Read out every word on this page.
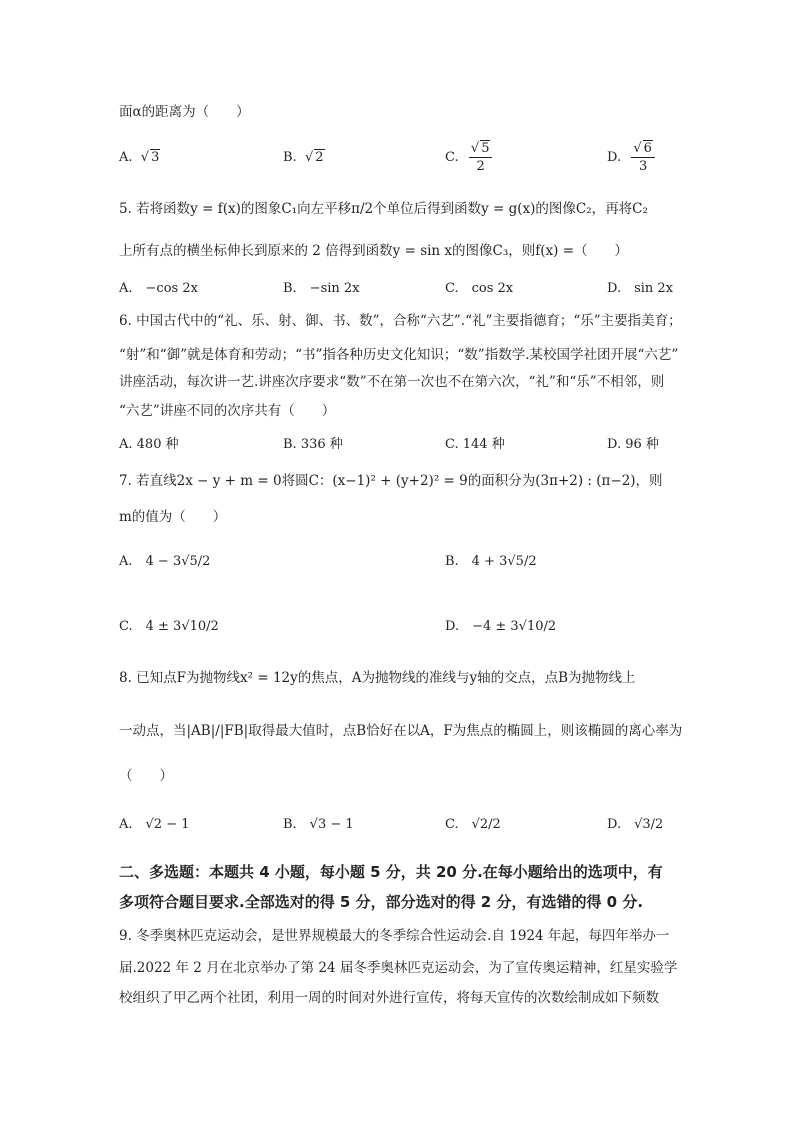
面α的距离为（　　）
A. √ 3	B. √ 2	C. $\frac{√ 5}{2}$	D. $\frac{√ 6}{3}$
5. 若将函数y = f(x)的图象C₁向左平移π/2个单位后得到函数y = g(x)的图像C₂，再将C₂
上所有点的横坐标伸长到原来的 2 倍得到函数y = sin x的图像C₃，则f(x) =（　　）
A.　−cos 2x	B.　−sin 2x	C.　cos 2x	D.　sin 2x
6. 中国古代中的“礼、乐、射、御、书、数”，合称“六艺”.“礼”主要指德育；“乐”主要指美育；
“射”和“御”就是体育和劳动；“书”指各种历史文化知识；“数”指数学.某校国学社团开展“六艺”
讲座活动，每次讲一艺.讲座次序要求“数”不在第一次也不在第六次，“礼”和“乐”不相邻，则
“六艺”讲座不同的次序共有（　　）
A. 480 种	B. 336 种	C. 144 种	D. 96 种
7. 若直线2x − y + m = 0将圆C：(x−1)² + (y+2)² = 9的面积分为(3π+2) : (π−2)，则
m的值为（　　）
A.　4 − 3√5/2	B.　4 + 3√5/2
C.　4 ± 3√10/2	D.　−4 ± 3√10/2
8. 已知点F为抛物线x² = 12y的焦点，A为抛物线的准线与y轴的交点，点B为抛物线上
一动点，当|AB|/|FB|取得最大值时，点B恰好在以A，F为焦点的椭圆上，则该椭圆的离心率为
（　　）
A.　√2 − 1	B.　√3 − 1	C.　√2/2	D.　√3/2
二、多选题：本题共 4 小题，每小题 5 分，共 20 分.在每小题给出的选项中，有
多项符合题目要求.全部选对的得 5 分，部分选对的得 2 分，有选错的得 0 分.
9. 冬季奥林匹克运动会，是世界规模最大的冬季综合性运动会.自 1924 年起，每四年举办一
届.2022 年 2 月在北京举办了第 24 届冬季奥林匹克运动会，为了宣传奥运精神，红星实验学
校组织了甲乙两个社团，利用一周的时间对外进行宣传，将每天宣传的次数绘制成如下频数
